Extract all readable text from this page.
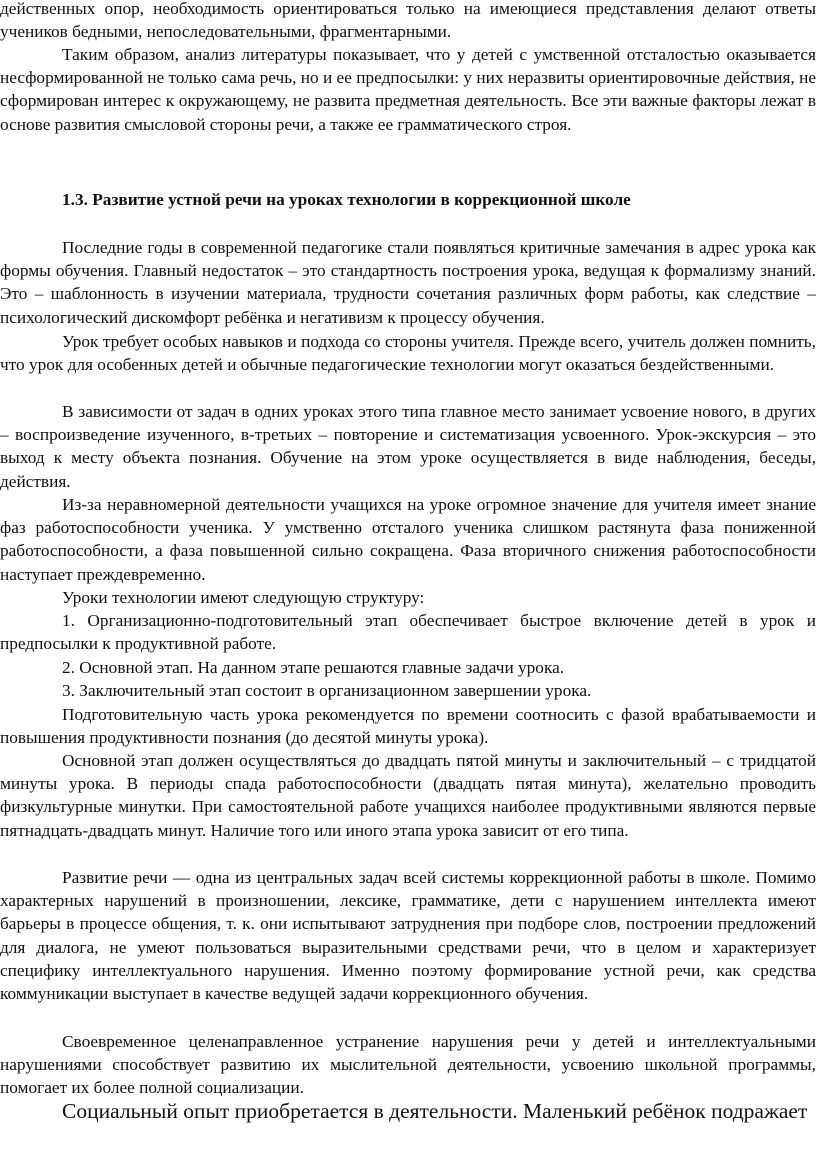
действенных опор, необходимость ориентироваться только на имеющиеся представления делают ответы учеников бедными, непоследовательными, фрагментарными.

Таким образом, анализ литературы показывает, что у детей с умственной отсталостью оказывается несформированной не только сама речь, но и ее предпосылки: у них неразвиты ориентировочные действия, не сформирован интерес к окружающему, не развита предметная деятельность. Все эти важные факторы лежат в основе развития смысловой стороны речи, а также ее грамматического строя.

1.3. Развитие устной речи на уроках технологии в коррекционной школе

Последние годы в современной педагогике стали появляться критичные замечания в адрес урока как формы обучения. Главный недостаток – это стандартность построения урока, ведущая к формализму знаний. Это – шаблонность в изучении материала, трудности сочетания различных форм работы, как следствие – психологический дискомфорт ребёнка и негативизм к процессу обучения.

Урок требует особых навыков и подхода со стороны учителя. Прежде всего, учитель должен помнить, что урок для особенных детей и обычные педагогические технологии могут оказаться бездейственными.

В зависимости от задач в одних уроках этого типа главное место занимает усвоение нового, в других – воспроизведение изученного, в-третьих – повторение и систематизация усвоенного. Урок-экскурсия – это выход к месту объекта познания. Обучение на этом уроке осуществляется в виде наблюдения, беседы, действия.

Из-за неравномерной деятельности учащихся на уроке огромное значение для учителя имеет знание фаз работоспособности ученика. У умственно отсталого ученика слишком растянута фаза пониженной работоспособности, а фаза повышенной сильно сокращена. Фаза вторичного снижения работоспособности наступает преждевременно.

Уроки технологии имеют следующую структуру:

1. Организационно-подготовительный этап обеспечивает быстрое включение детей в урок и предпосылки к продуктивной работе.

2. Основной этап. На данном этапе решаются главные задачи урока.

3. Заключительный этап состоит в организационном завершении урока.

Подготовительную часть урока рекомендуется по времени соотносить с фазой врабатываемости и повышения продуктивности познания (до десятой минуты урока).

Основной этап должен осуществляться до двадцать пятой минуты и заключительный – с тридцатой минуты урока. В периоды спада работоспособности (двадцать пятая минута), желательно проводить физкультурные минутки. При самостоятельной работе учащихся наиболее продуктивными являются первые пятнадцать-двадцать минут. Наличие того или иного этапа урока зависит от его типа.

Развитие речи — одна из центральных задач всей системы коррекционной работы в школе. Помимо характерных нарушений в произношении, лексике, грамматике, дети с нарушением интеллекта имеют барьеры в процессе общения, т. к. они испытывают затруднения при подборе слов, построении предложений для диалога, не умеют пользоваться выразительными средствами речи, что в целом и характеризует специфику интеллектуального нарушения. Именно поэтому формирование устной речи, как средства коммуникации выступает в качестве ведущей задачи коррекционного обучения.

Своевременное целенаправленное устранение нарушения речи у детей и интеллектуальными нарушениями способствует развитию их мыслительной деятельности, усвоению школьной программы, помогает их более полной социализации.

Социальный опыт приобретается в деятельности. Маленький ребёнок подражает
